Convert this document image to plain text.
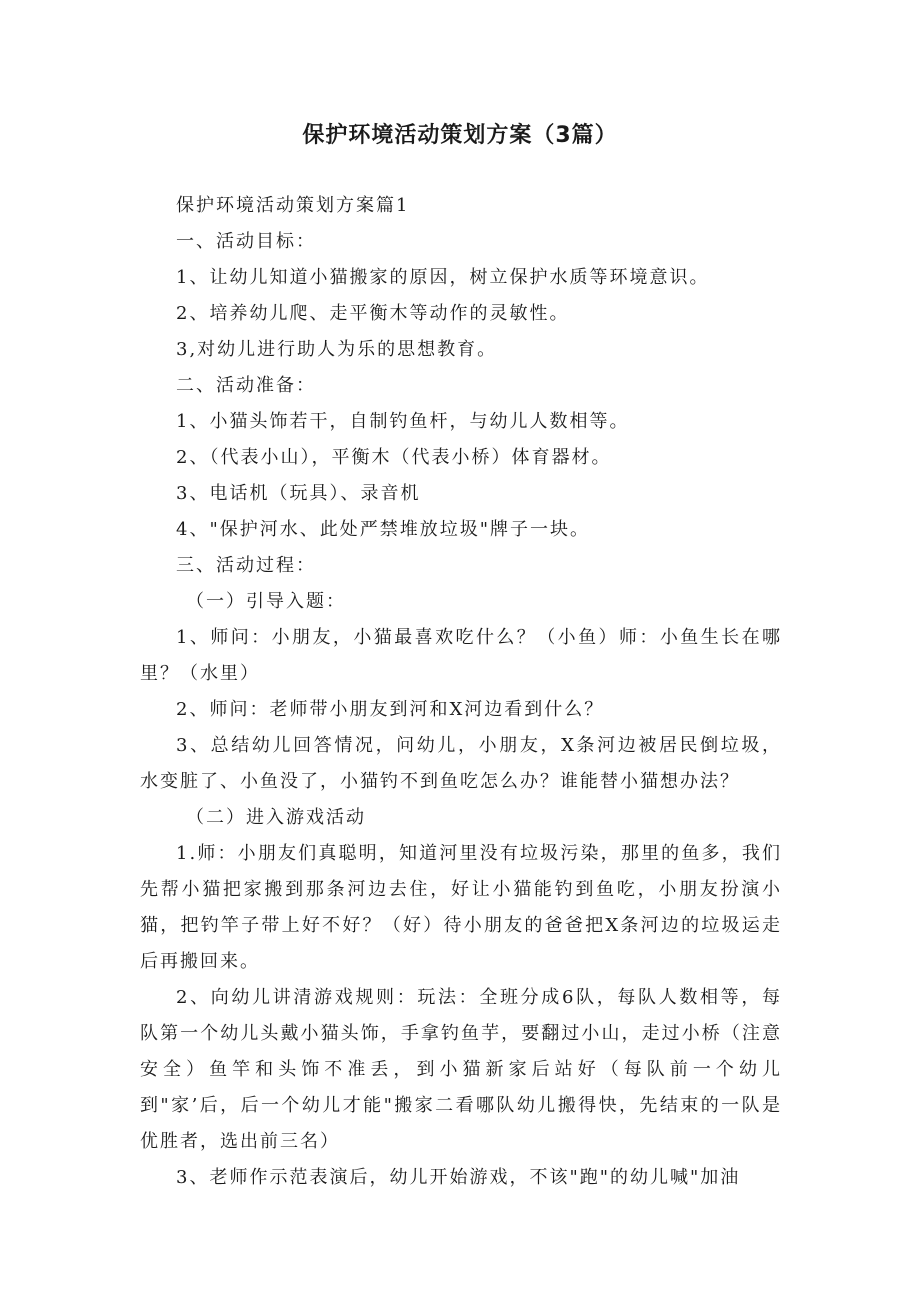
保护环境活动策划方案（3篇）

保护环境活动策划方案篇1

一、活动目标：

1、让幼儿知道小猫搬家的原因，树立保护水质等环境意识。

2、培养幼儿爬、走平衡木等动作的灵敏性。

3,对幼儿进行助人为乐的思想教育。

二、活动准备：

1、小猫头饰若干，自制钓鱼杆，与幼儿人数相等。

2、（代表小山），平衡木（代表小桥）体育器材。

3、电话机（玩具）、录音机

4、"保护河水、此处严禁堆放垃圾"牌子一块。

三、活动过程：

（一）引导入题：

1、师问：小朋友，小猫最喜欢吃什么？（小鱼）师：小鱼生长在哪里？（水里）

2、师问：老师带小朋友到河和X河边看到什么？

3、总结幼儿回答情况，问幼儿，小朋友，X条河边被居民倒垃圾，水变脏了、小鱼没了，小猫钓不到鱼吃怎么办？谁能替小猫想办法？

（二）进入游戏活动

1.师：小朋友们真聪明，知道河里没有垃圾污染，那里的鱼多，我们先帮小猫把家搬到那条河边去住，好让小猫能钓到鱼吃，小朋友扮演小猫，把钓竿子带上好不好？（好）待小朋友的爸爸把X条河边的垃圾运走后再搬回来。

2、向幼儿讲清游戏规则：玩法：全班分成6队，每队人数相等，每队第一个幼儿头戴小猫头饰，手拿钓鱼芋，要翻过小山，走过小桥（注意安全）鱼竿和头饰不准丢，到小猫新家后站好（每队前一个幼儿到"家’后，后一个幼儿才能"搬家二看哪队幼儿搬得快，先结束的一队是优胜者，选出前三名）

3、老师作示范表演后，幼儿开始游戏，不该"跑"的幼儿喊"加油
